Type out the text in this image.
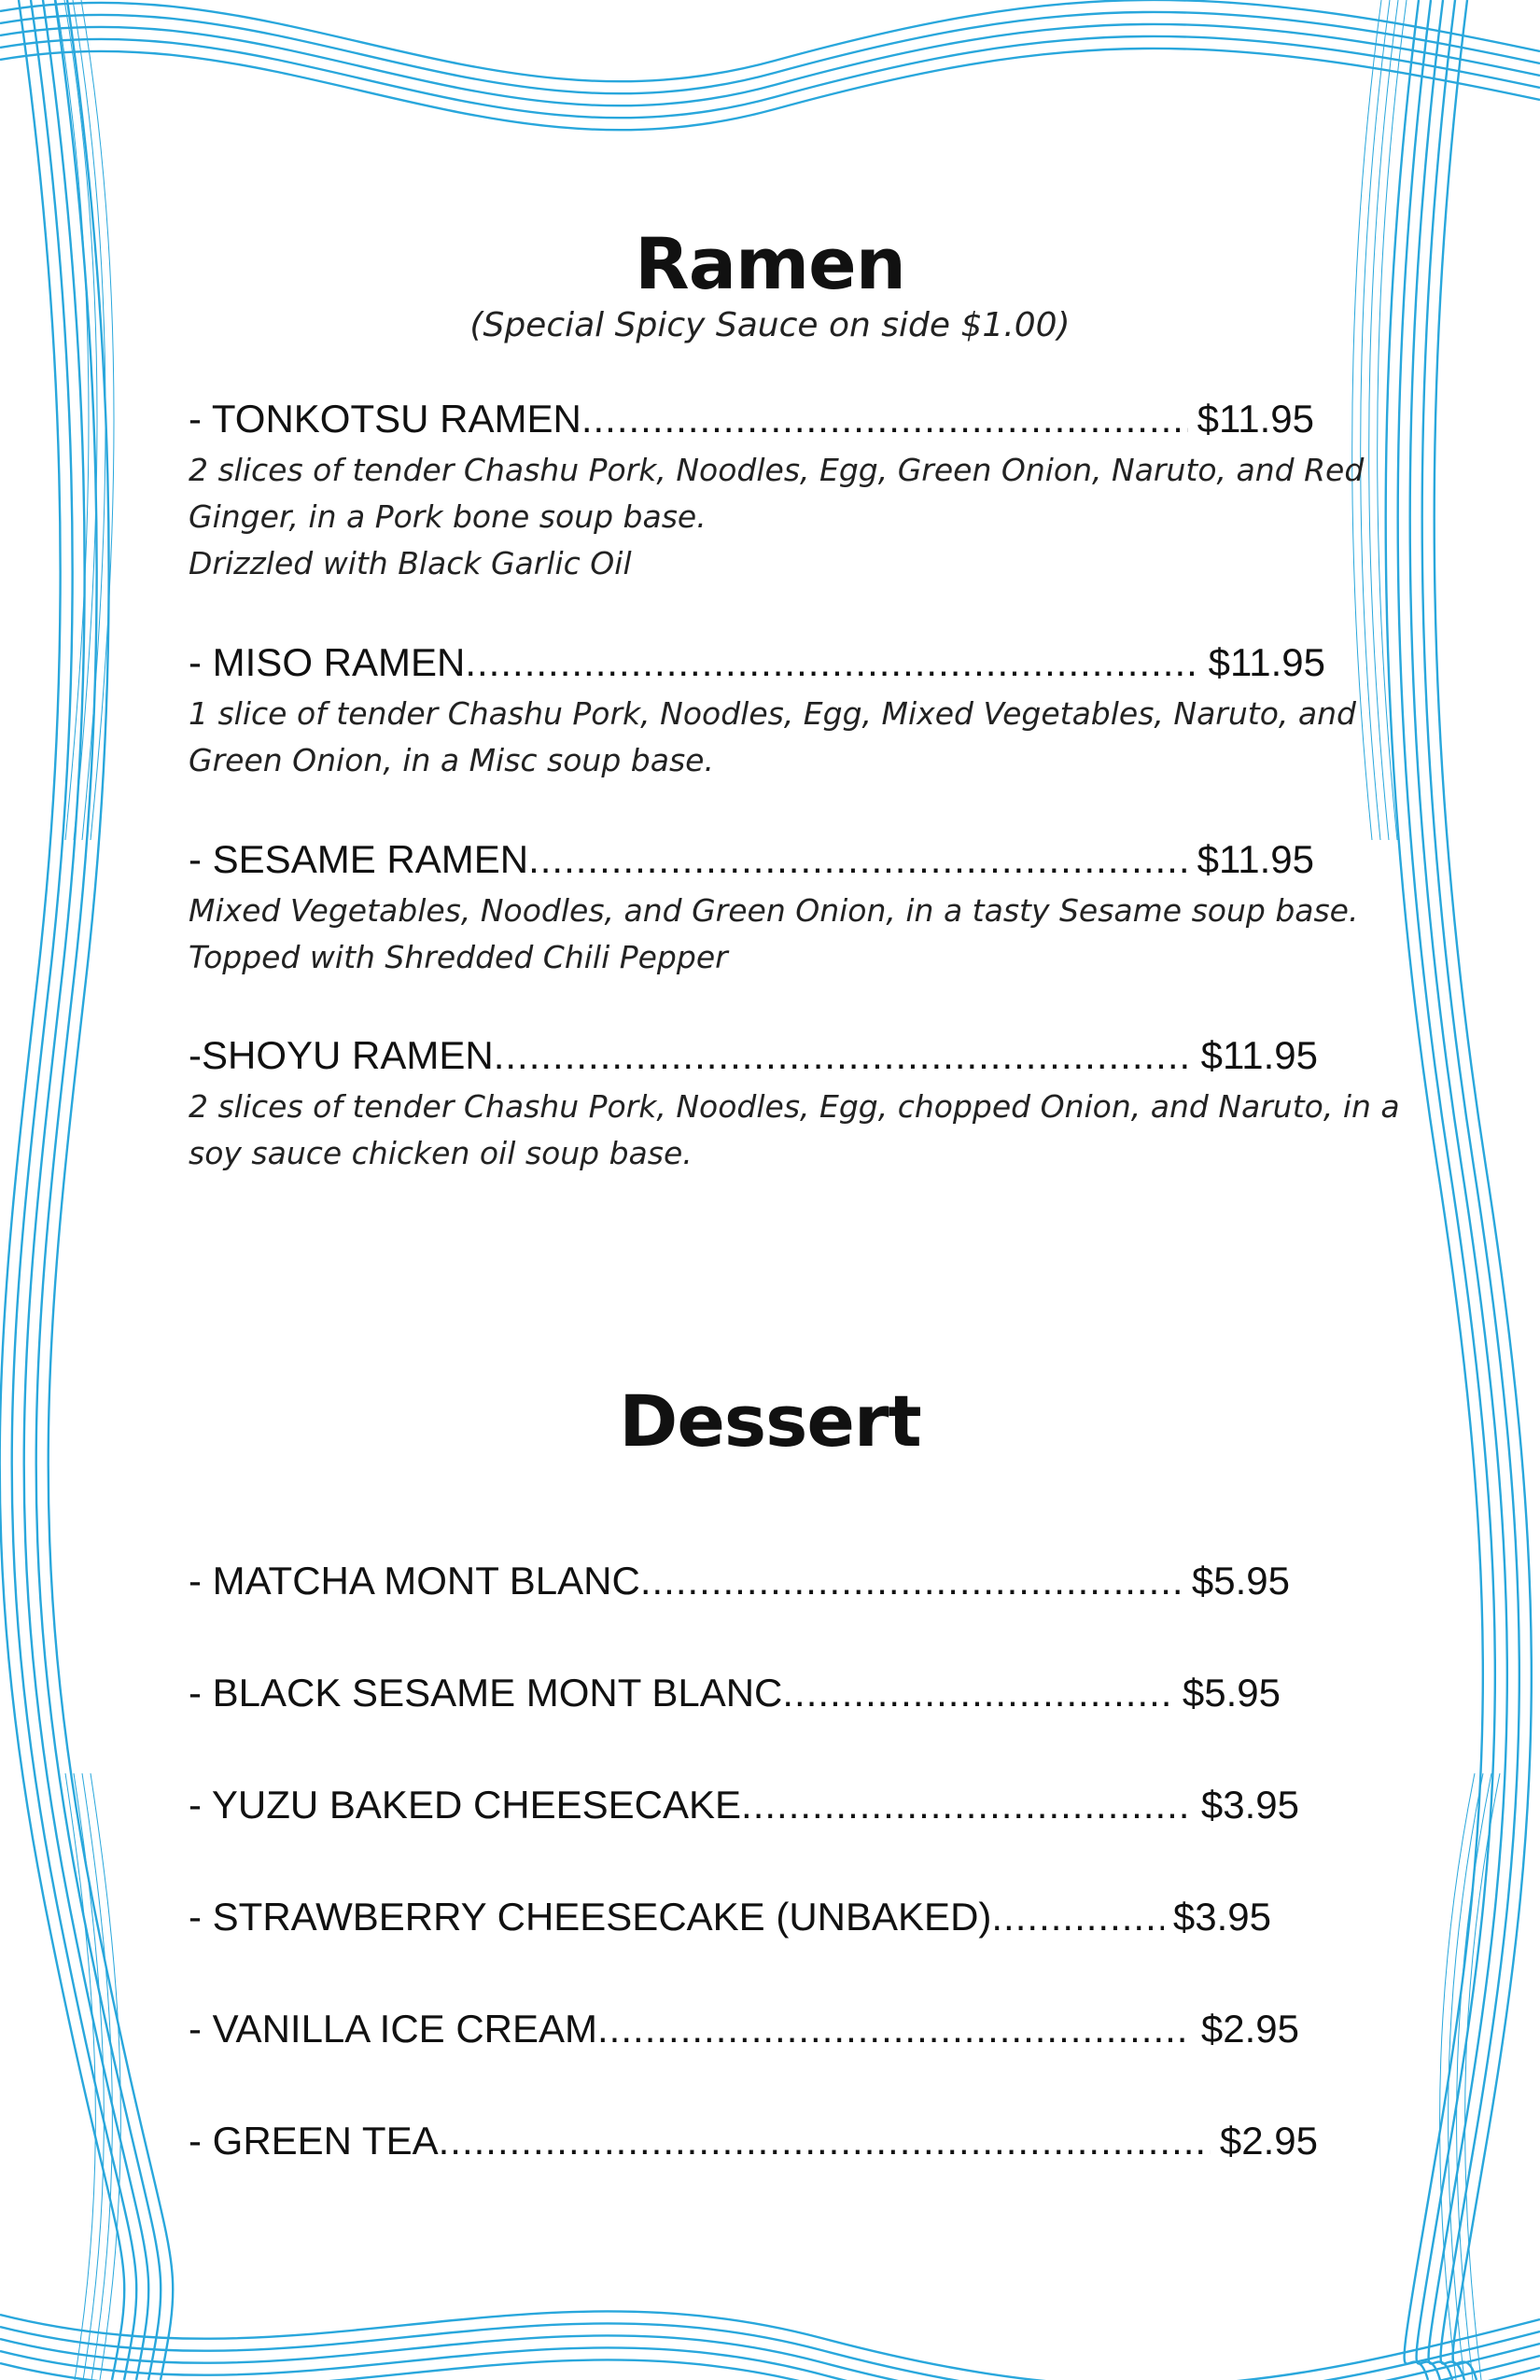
Ramen
(Special Spicy Sauce on side $1.00)
- TONKOTSU RAMEN .....	$11.95
2 slices of tender Chashu Pork, Noodles, Egg, Green Onion, Naruto, and Red
Ginger, in a Pork bone soup base.
Drizzled with Black Garlic Oil
- MISO RAMEN .....	$11.95
1 slice of tender Chashu Pork, Noodles, Egg, Mixed Vegetables, Naruto, and
Green Onion, in a Misc soup base.
- SESAME RAMEN .....	$11.95
Mixed Vegetables, Noodles, and Green Onion, in a tasty Sesame soup base.
Topped with Shredded Chili Pepper
-SHOYU RAMEN .....	$11.95
2 slices of tender Chashu Pork, Noodles, Egg, chopped Onion, and Naruto, in a
soy sauce chicken oil soup base.
Dessert
- MATCHA MONT BLANC .....	$5.95
- BLACK SESAME MONT BLANC .....	$5.95
- YUZU BAKED CHEESECAKE .....	$3.95
- STRAWBERRY CHEESECAKE (UNBAKED) .....	$3.95
- VANILLA ICE CREAM .....	$2.95
- GREEN TEA .....	$2.95
